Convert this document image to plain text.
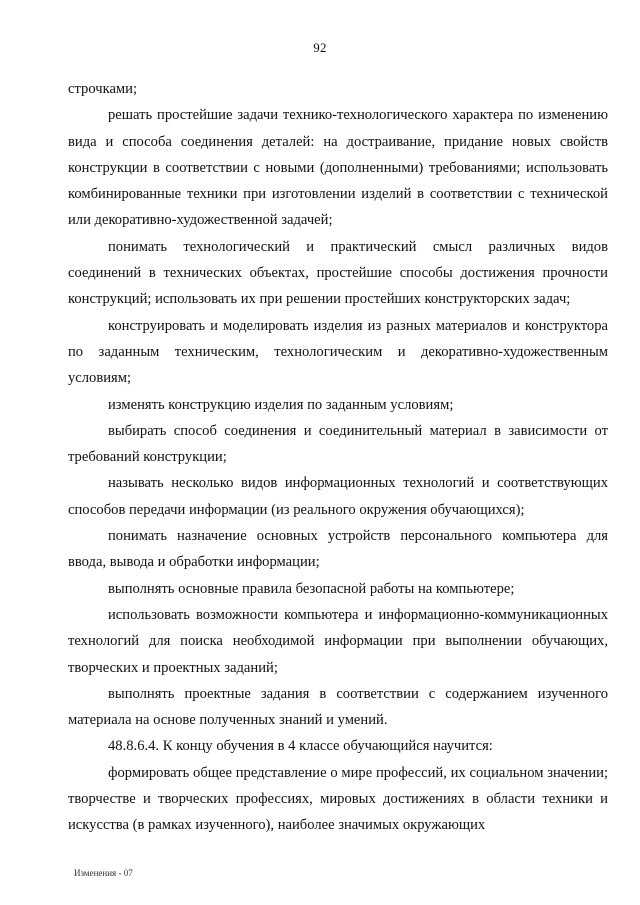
92

строчками;

решать простейшие задачи технико-технологического характера по изменению вида и способа соединения деталей: на достраивание, придание новых свойств конструкции в соответствии с новыми (дополненными) требованиями; использовать комбинированные техники при изготовлении изделий в соответствии с технической или декоративно-художественной задачей;

понимать технологический и практический смысл различных видов соединений в технических объектах, простейшие способы достижения прочности конструкций; использовать их при решении простейших конструкторских задач;

конструировать и моделировать изделия из разных материалов и конструктора по заданным техническим, технологическим и декоративно-художественным условиям;

изменять конструкцию изделия по заданным условиям;

выбирать способ соединения и соединительный материал в зависимости от требований конструкции;

называть несколько видов информационных технологий и соответствующих способов передачи информации (из реального окружения обучающихся);

понимать назначение основных устройств персонального компьютера для ввода, вывода и обработки информации;

выполнять основные правила безопасной работы на компьютере;

использовать возможности компьютера и информационно-коммуникационных технологий для поиска необходимой информации при выполнении обучающих, творческих и проектных заданий;

выполнять проектные задания в соответствии с содержанием изученного материала на основе полученных знаний и умений.

48.8.6.4. К концу обучения в 4 классе обучающийся научится:

формировать общее представление о мире профессий, их социальном значении; творчестве и творческих профессиях, мировых достижениях в области техники и искусства (в рамках изученного), наиболее значимых окружающих

Изменения - 07
